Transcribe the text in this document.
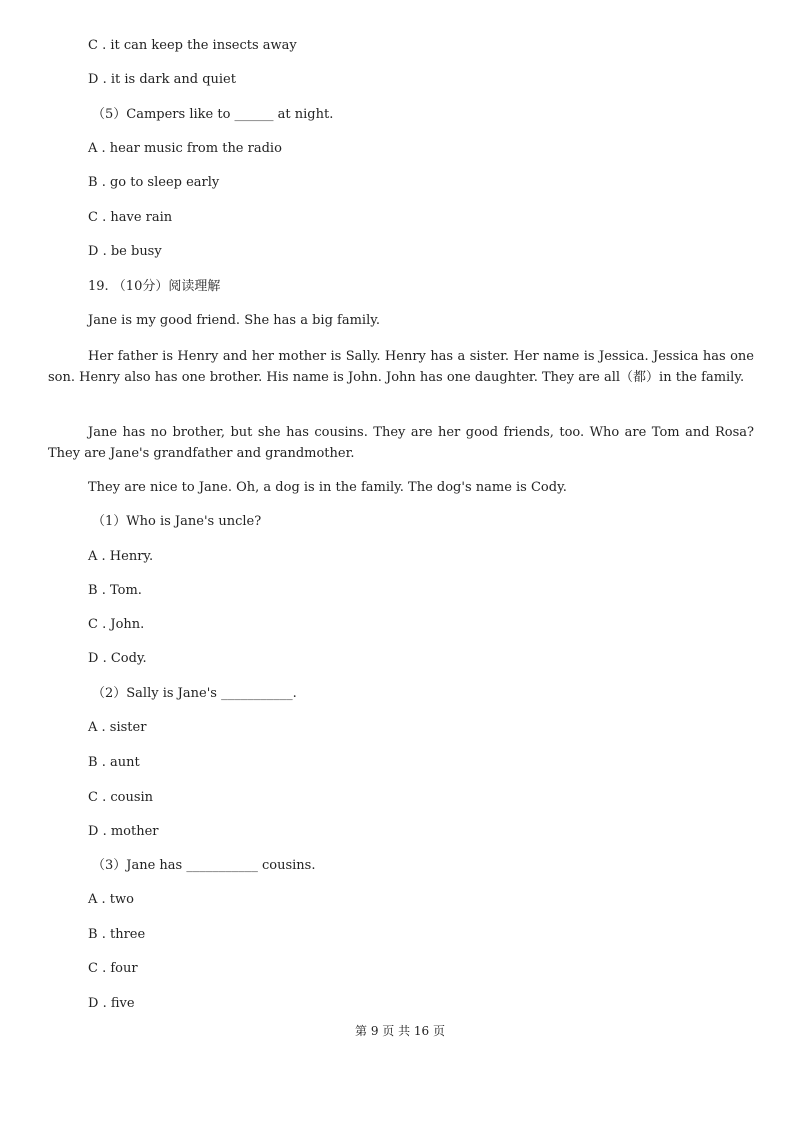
C . it can keep the insects away
D . it is dark and quiet
（5）Campers like to ______ at night.
A . hear music from the radio
B . go to sleep early
C . have rain
D . be busy
19. （10分）阅读理解
Jane is my good friend. She has a big family.
Her father is Henry and her mother is Sally. Henry has a sister. Her name is Jessica. Jessica has one son. Henry also has one brother. His name is John. John has one daughter. They are all（都）in the family.
Jane has no brother, but she has cousins. They are her good friends, too. Who are Tom and Rosa? They are Jane's grandfather and grandmother.
They are nice to Jane. Oh, a dog is in the family. The dog's name is Cody.
（1）Who is Jane's uncle?
A . Henry.
B . Tom.
C . John.
D . Cody.
（2）Sally is Jane's ___________.
A . sister
B . aunt
C . cousin
D . mother
（3）Jane has ___________ cousins.
A . two
B . three
C . four
D . five
第 9 页 共 16 页
